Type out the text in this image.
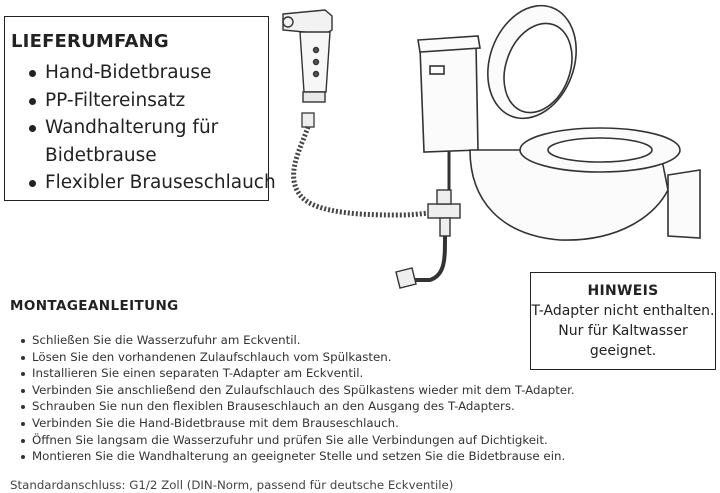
LIEFERUMFANG
Hand-Bidetbrause
PP-Filtereinsatz
Wandhalterung für
Bidetbrause
Flexibler Brauseschlauch
HINWEIS
T-Adapter nicht enthalten.
Nur für Kaltwasser
geeignet.
MONTAGEANLEITUNG
Schließen Sie die Wasserzufuhr am Eckventil.
Lösen Sie den vorhandenen Zulaufschlauch vom Spülkasten.
Installieren Sie einen separaten T-Adapter am Eckventil.
Verbinden Sie anschließend den Zulaufschlauch des Spülkastens wieder mit dem T-Adapter.
Schrauben Sie nun den flexiblen Brauseschlauch an den Ausgang des T-Adapters.
Verbinden Sie die Hand-Bidetbrause mit dem Brauseschlauch.
Öffnen Sie langsam die Wasserzufuhr und prüfen Sie alle Verbindungen auf Dichtigkeit.
Montieren Sie die Wandhalterung an geeigneter Stelle und setzen Sie die Bidetbrause ein.
Standardanschluss: G1/2 Zoll (DIN-Norm, passend für deutsche Eckventile)
